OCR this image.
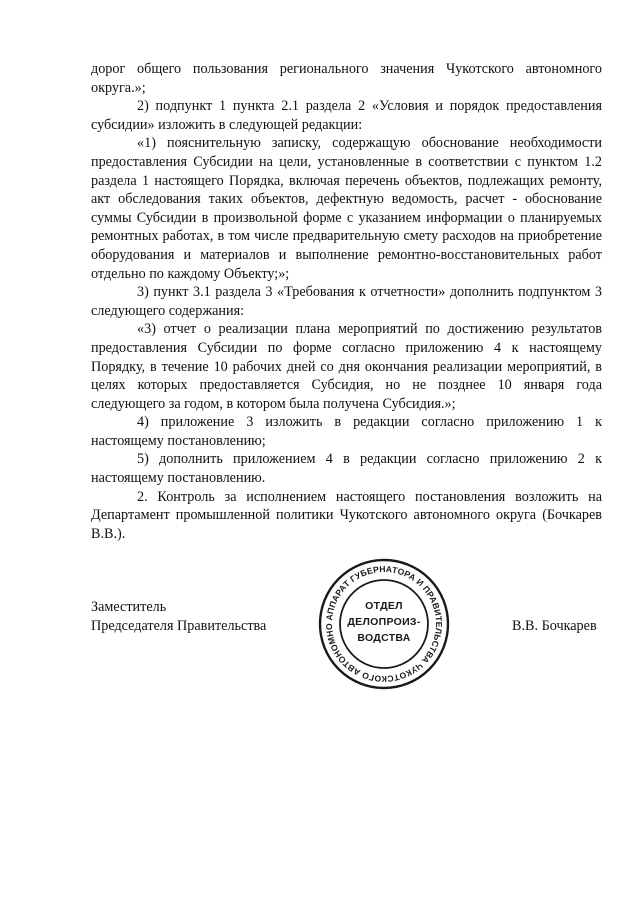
дорог общего пользования регионального значения Чукотского автономного округа.»;

2) подпункт 1 пункта 2.1 раздела 2 «Условия и порядок предоставления субсидии» изложить в следующей редакции:

«1) пояснительную записку, содержащую обоснование необходимости предоставления Субсидии на цели, установленные в соответствии с пунктом 1.2 раздела 1 настоящего Порядка, включая перечень объектов, подлежащих ремонту, акт обследования таких объектов, дефектную ведомость, расчет - обоснование суммы Субсидии в произвольной форме с указанием информации о планируемых ремонтных работах, в том числе предварительную смету расходов на приобретение оборудования и материалов и выполнение ремонтно-восстановительных работ отдельно по каждому Объекту;»;

3) пункт 3.1 раздела 3 «Требования к отчетности» дополнить подпунктом 3 следующего содержания:

«3) отчет о реализации плана мероприятий по достижению результатов предоставления Субсидии по форме согласно приложению 4 к настоящему Порядку, в течение 10 рабочих дней со дня окончания реализации мероприятий, в целях которых предоставляется Субсидия, но не позднее 10 января года следующего за годом, в котором была получена Субсидия.»;

4) приложение 3 изложить в редакции согласно приложению 1 к настоящему постановлению;

5) дополнить приложением 4 в редакции согласно приложению 2 к настоящему постановлению.

2. Контроль за исполнением настоящего постановления возложить на Департамент промышленной политики Чукотского автономного округа (Бочкарев В.В.).

Заместитель
Председателя Правительства	В.В. Бочкарев
АППАРАТ ГУБЕРНАТОРА И ПРАВИТЕЛЬСТВА ЧУКОТСКОГО АВТОНОМНО
ОТДЕЛ
ДЕЛОПРОИЗ-
ВОДСТВА
